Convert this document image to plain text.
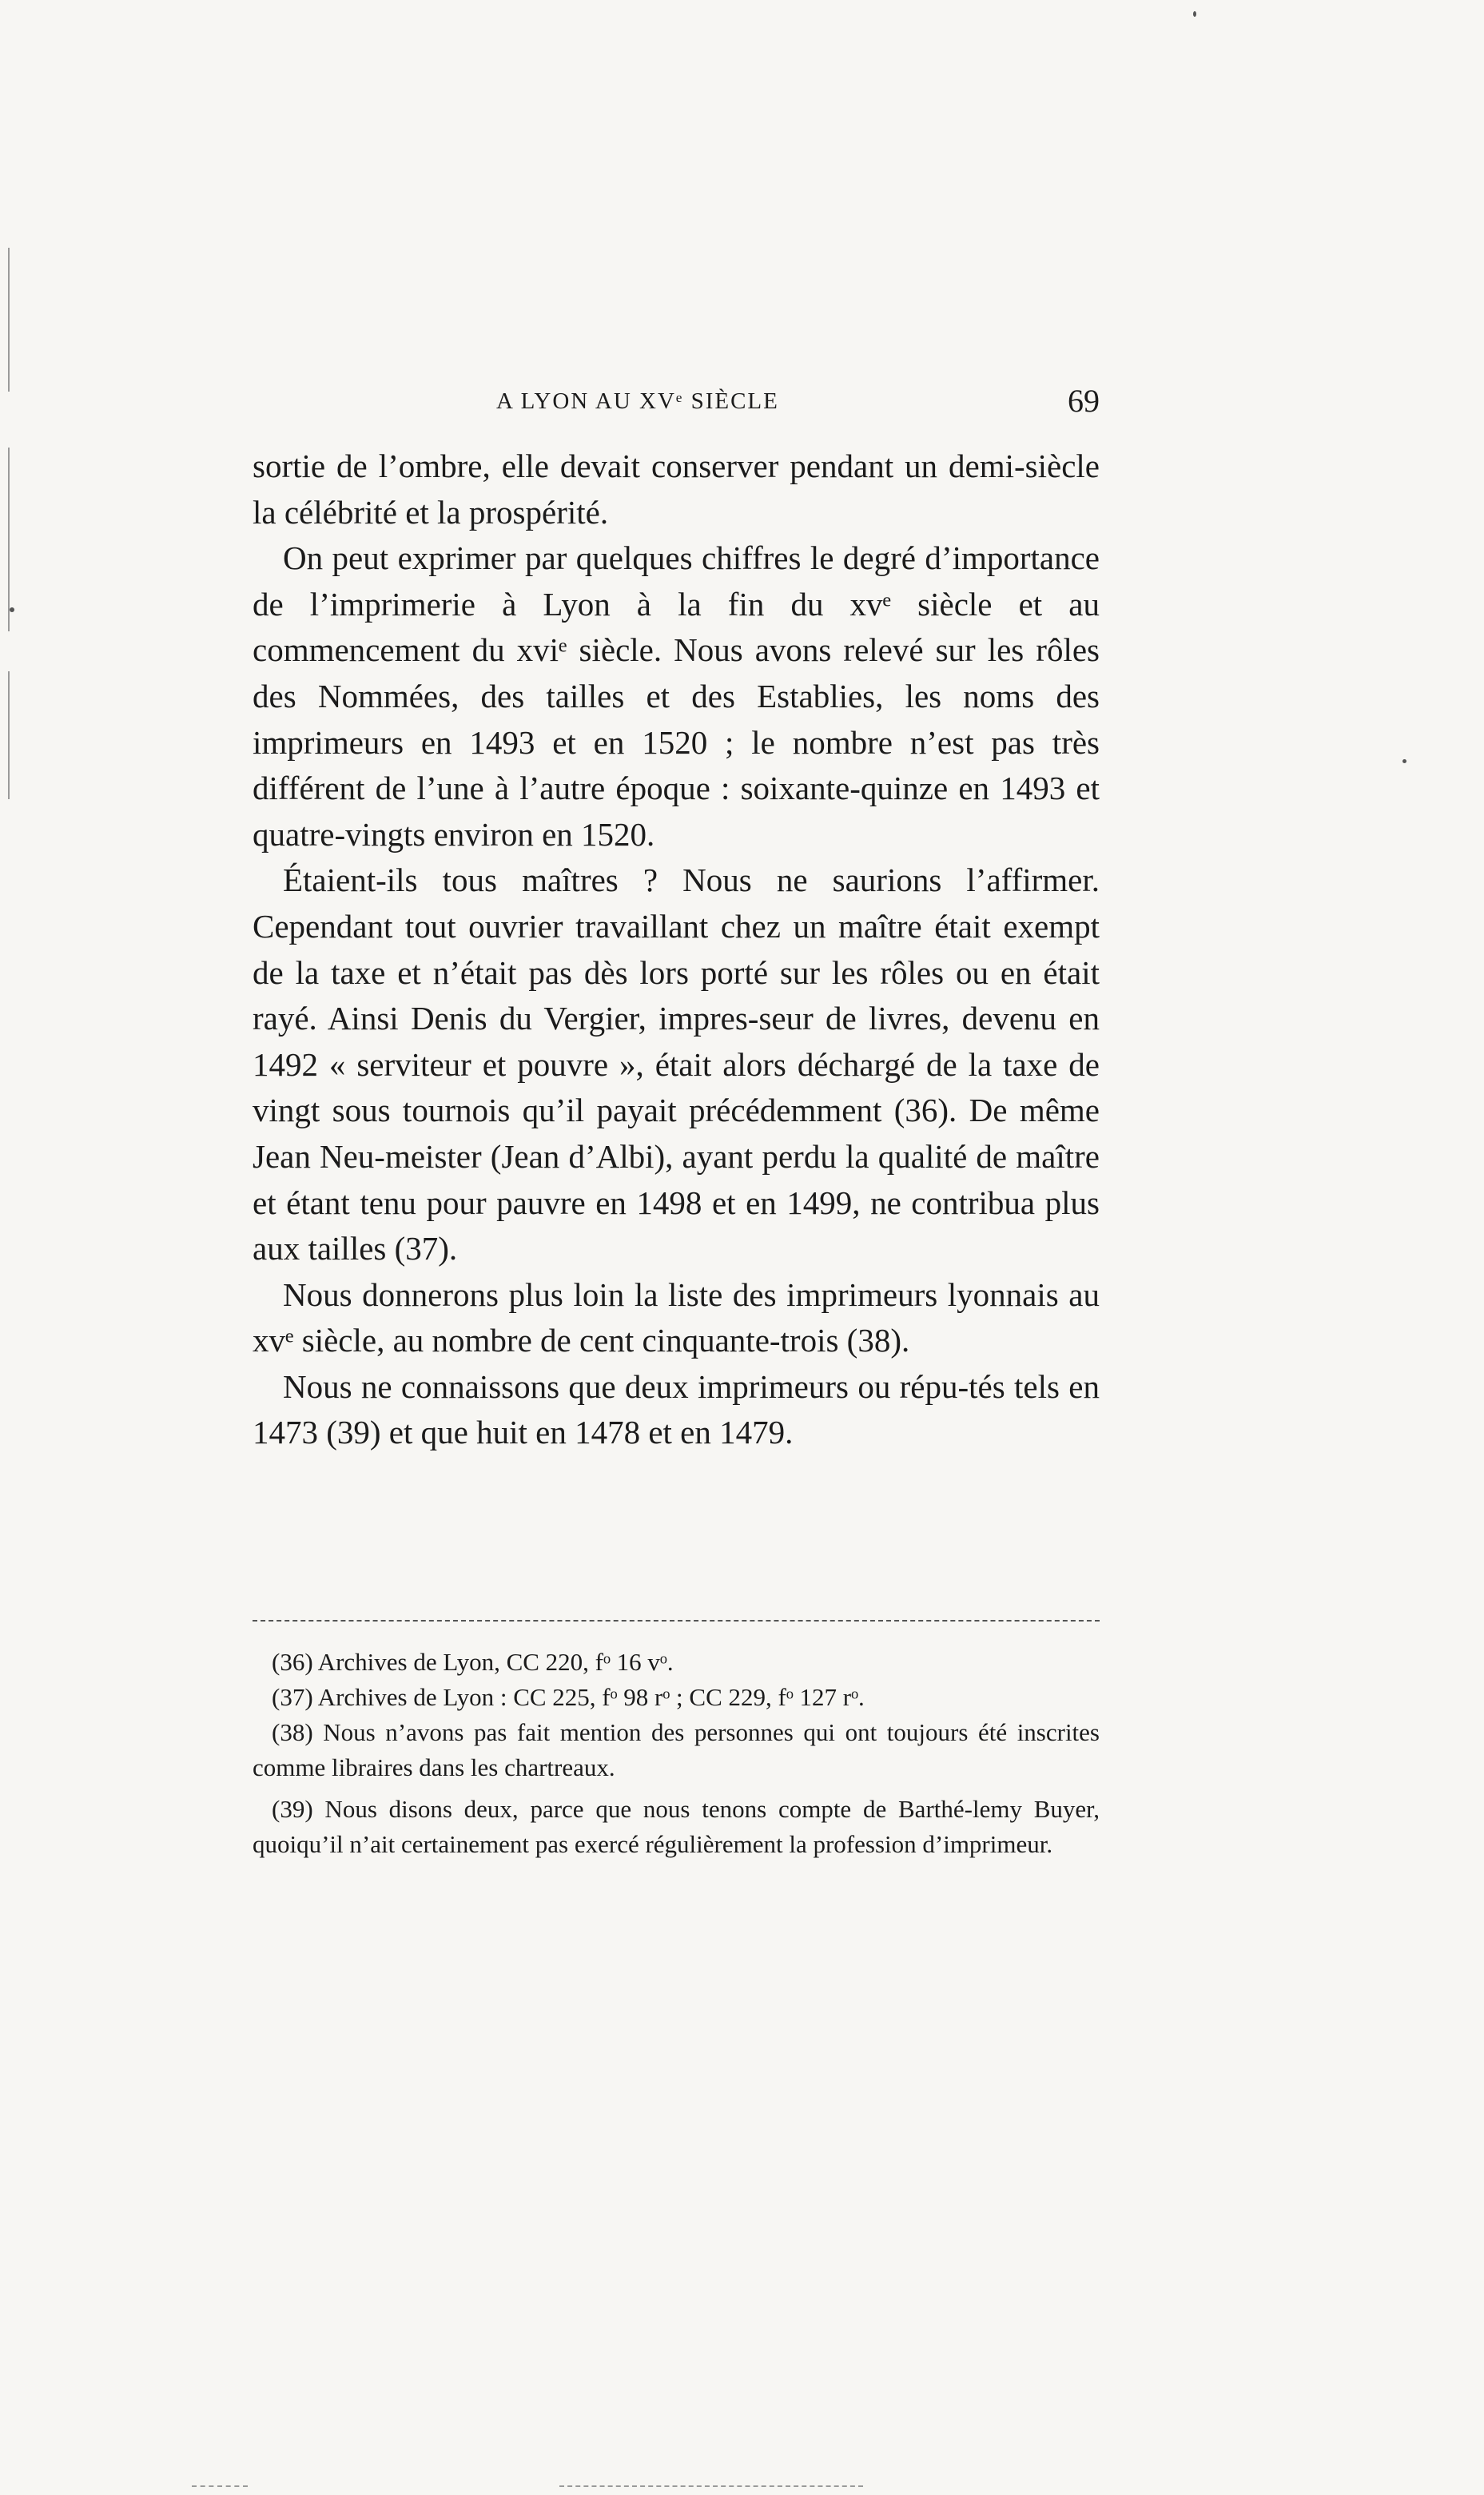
A LYON AU XVᵉ SIÈCLE	69

sortie de l’ombre, elle devait conserver pendant un demi-siècle la célébrité et la prospérité.

On peut exprimer par quelques chiffres le degré d’importance de l’imprimerie à Lyon à la fin du xvᵉ siècle et au commencement du xviᵉ siècle. Nous avons relevé sur les rôles des Nommées, des tailles et des Establies, les noms des imprimeurs en 1493 et en 1520 ; le nombre n’est pas très différent de l’une à l’autre époque : soixante-quinze en 1493 et quatre-vingts environ en 1520.

Étaient-ils tous maîtres ? Nous ne saurions l’affirmer. Cependant tout ouvrier travaillant chez un maître était exempt de la taxe et n’était pas dès lors porté sur les rôles ou en était rayé. Ainsi Denis du Vergier, impres-seur de livres, devenu en 1492 « serviteur et pouvre », était alors déchargé de la taxe de vingt sous tournois qu’il payait précédemment (36). De même Jean Neu-meister (Jean d’Albi), ayant perdu la qualité de maître et étant tenu pour pauvre en 1498 et en 1499, ne contribua plus aux tailles (37).

Nous donnerons plus loin la liste des imprimeurs lyonnais au xvᵉ siècle, au nombre de cent cinquante-trois (38).

Nous ne connaissons que deux imprimeurs ou répu-tés tels en 1473 (39) et que huit en 1478 et en 1479.

(36) Archives de Lyon, CC 220, fᵒ 16 vᵒ.

(37) Archives de Lyon : CC 225, fᵒ 98 rᵒ ; CC 229, fᵒ 127 rᵒ.

(38) Nous n’avons pas fait mention des personnes qui ont toujours été inscrites comme libraires dans les chartreaux.

(39) Nous disons deux, parce que nous tenons compte de Barthé-lemy Buyer, quoiqu’il n’ait certainement pas exercé régulièrement la profession d’imprimeur.
